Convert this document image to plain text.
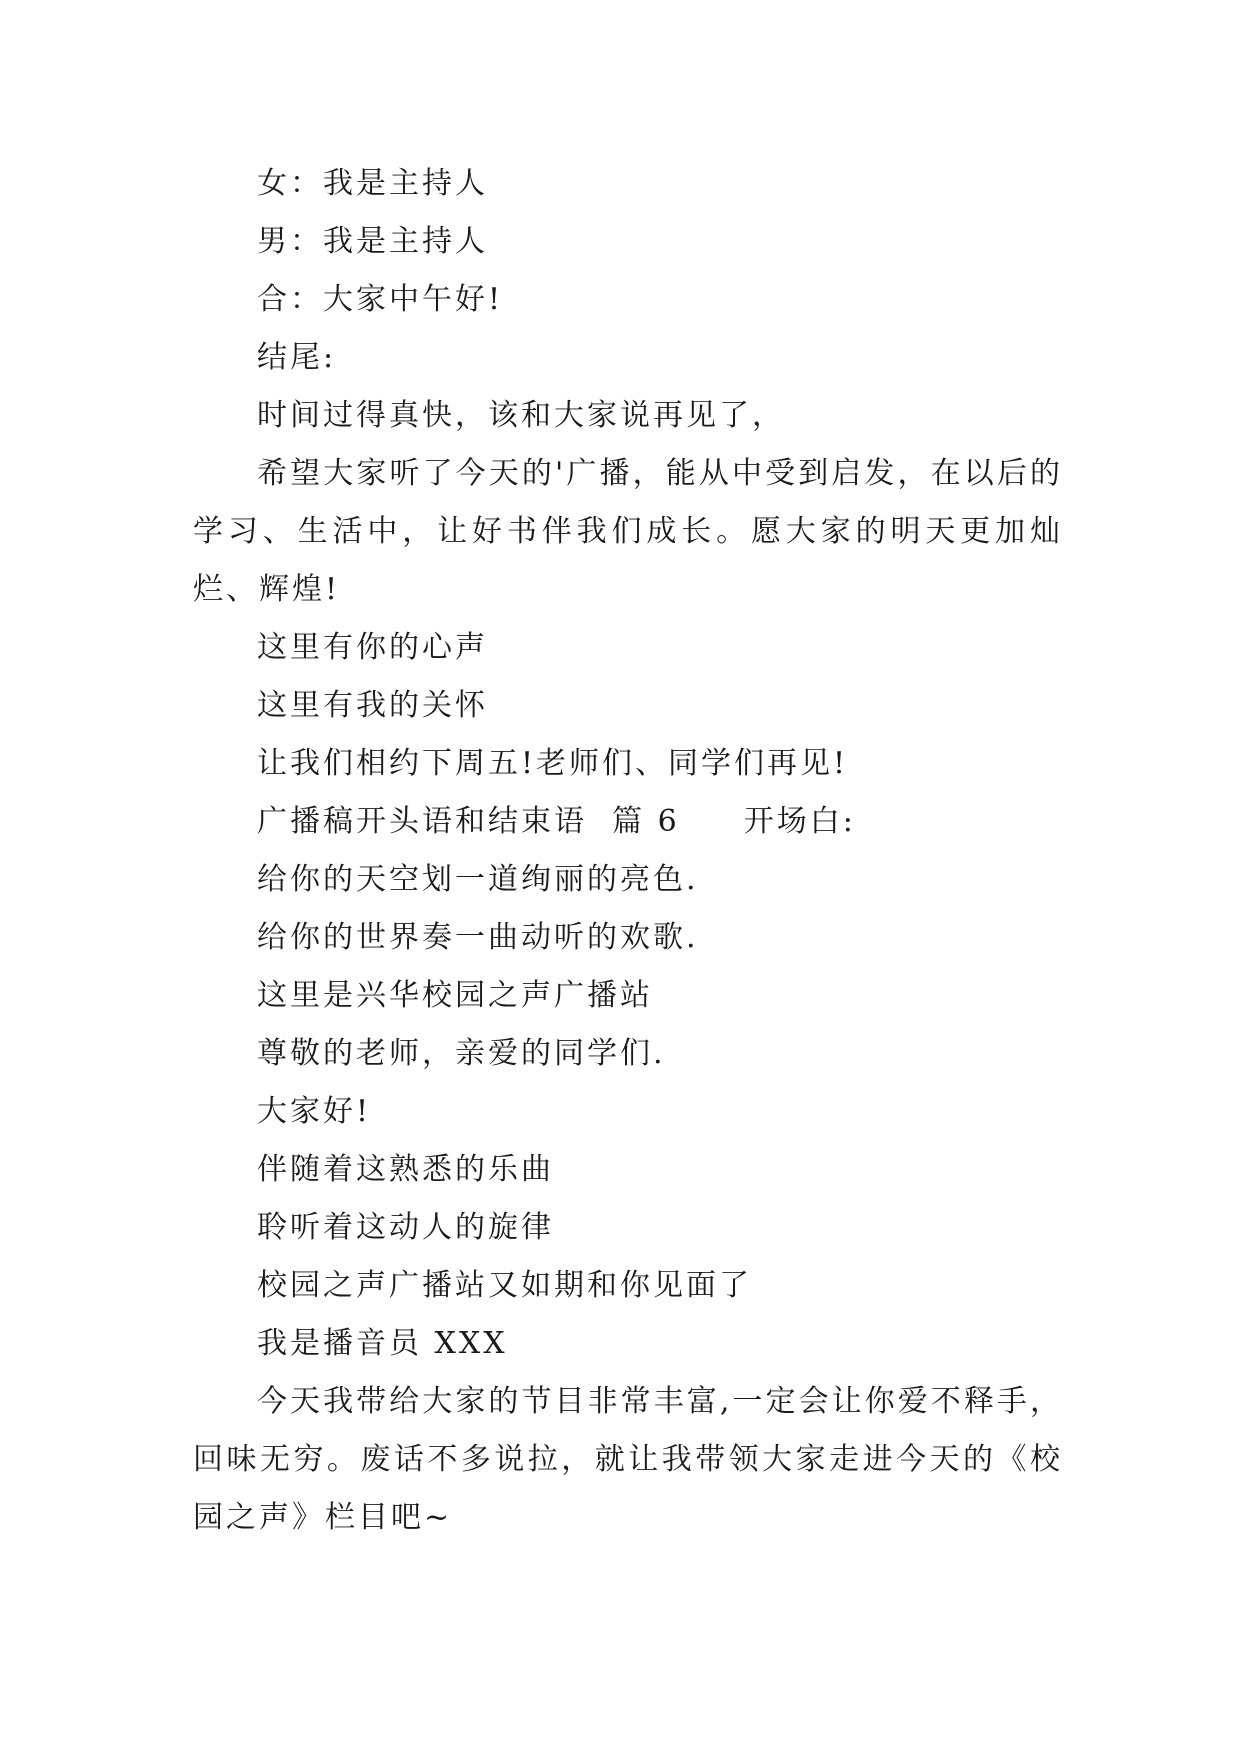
女：我是主持人

男：我是主持人

合：大家中午好!

结尾:

时间过得真快，该和大家说再见了，

希望大家听了今天的'广播，能从中受到启发，在以后的学习、生活中，让好书伴我们成长。愿大家的明天更加灿烂、辉煌!

这里有你的心声

这里有我的关怀

让我们相约下周五!老师们、同学们再见!

广播稿开头语和结束语  篇 6 开场白:

给你的天空划一道绚丽的亮色.

给你的世界奏一曲动听的欢歌.

这里是兴华校园之声广播站

尊敬的老师，亲爱的同学们.

大家好!

伴随着这熟悉的乐曲

聆听着这动人的旋律

校园之声广播站又如期和你见面了

我是播音员 XXX

今天我带给大家的节目非常丰富,一定会让你爱不释手，回味无穷。废话不多说拉，就让我带领大家走进今天的《校园之声》栏目吧~
